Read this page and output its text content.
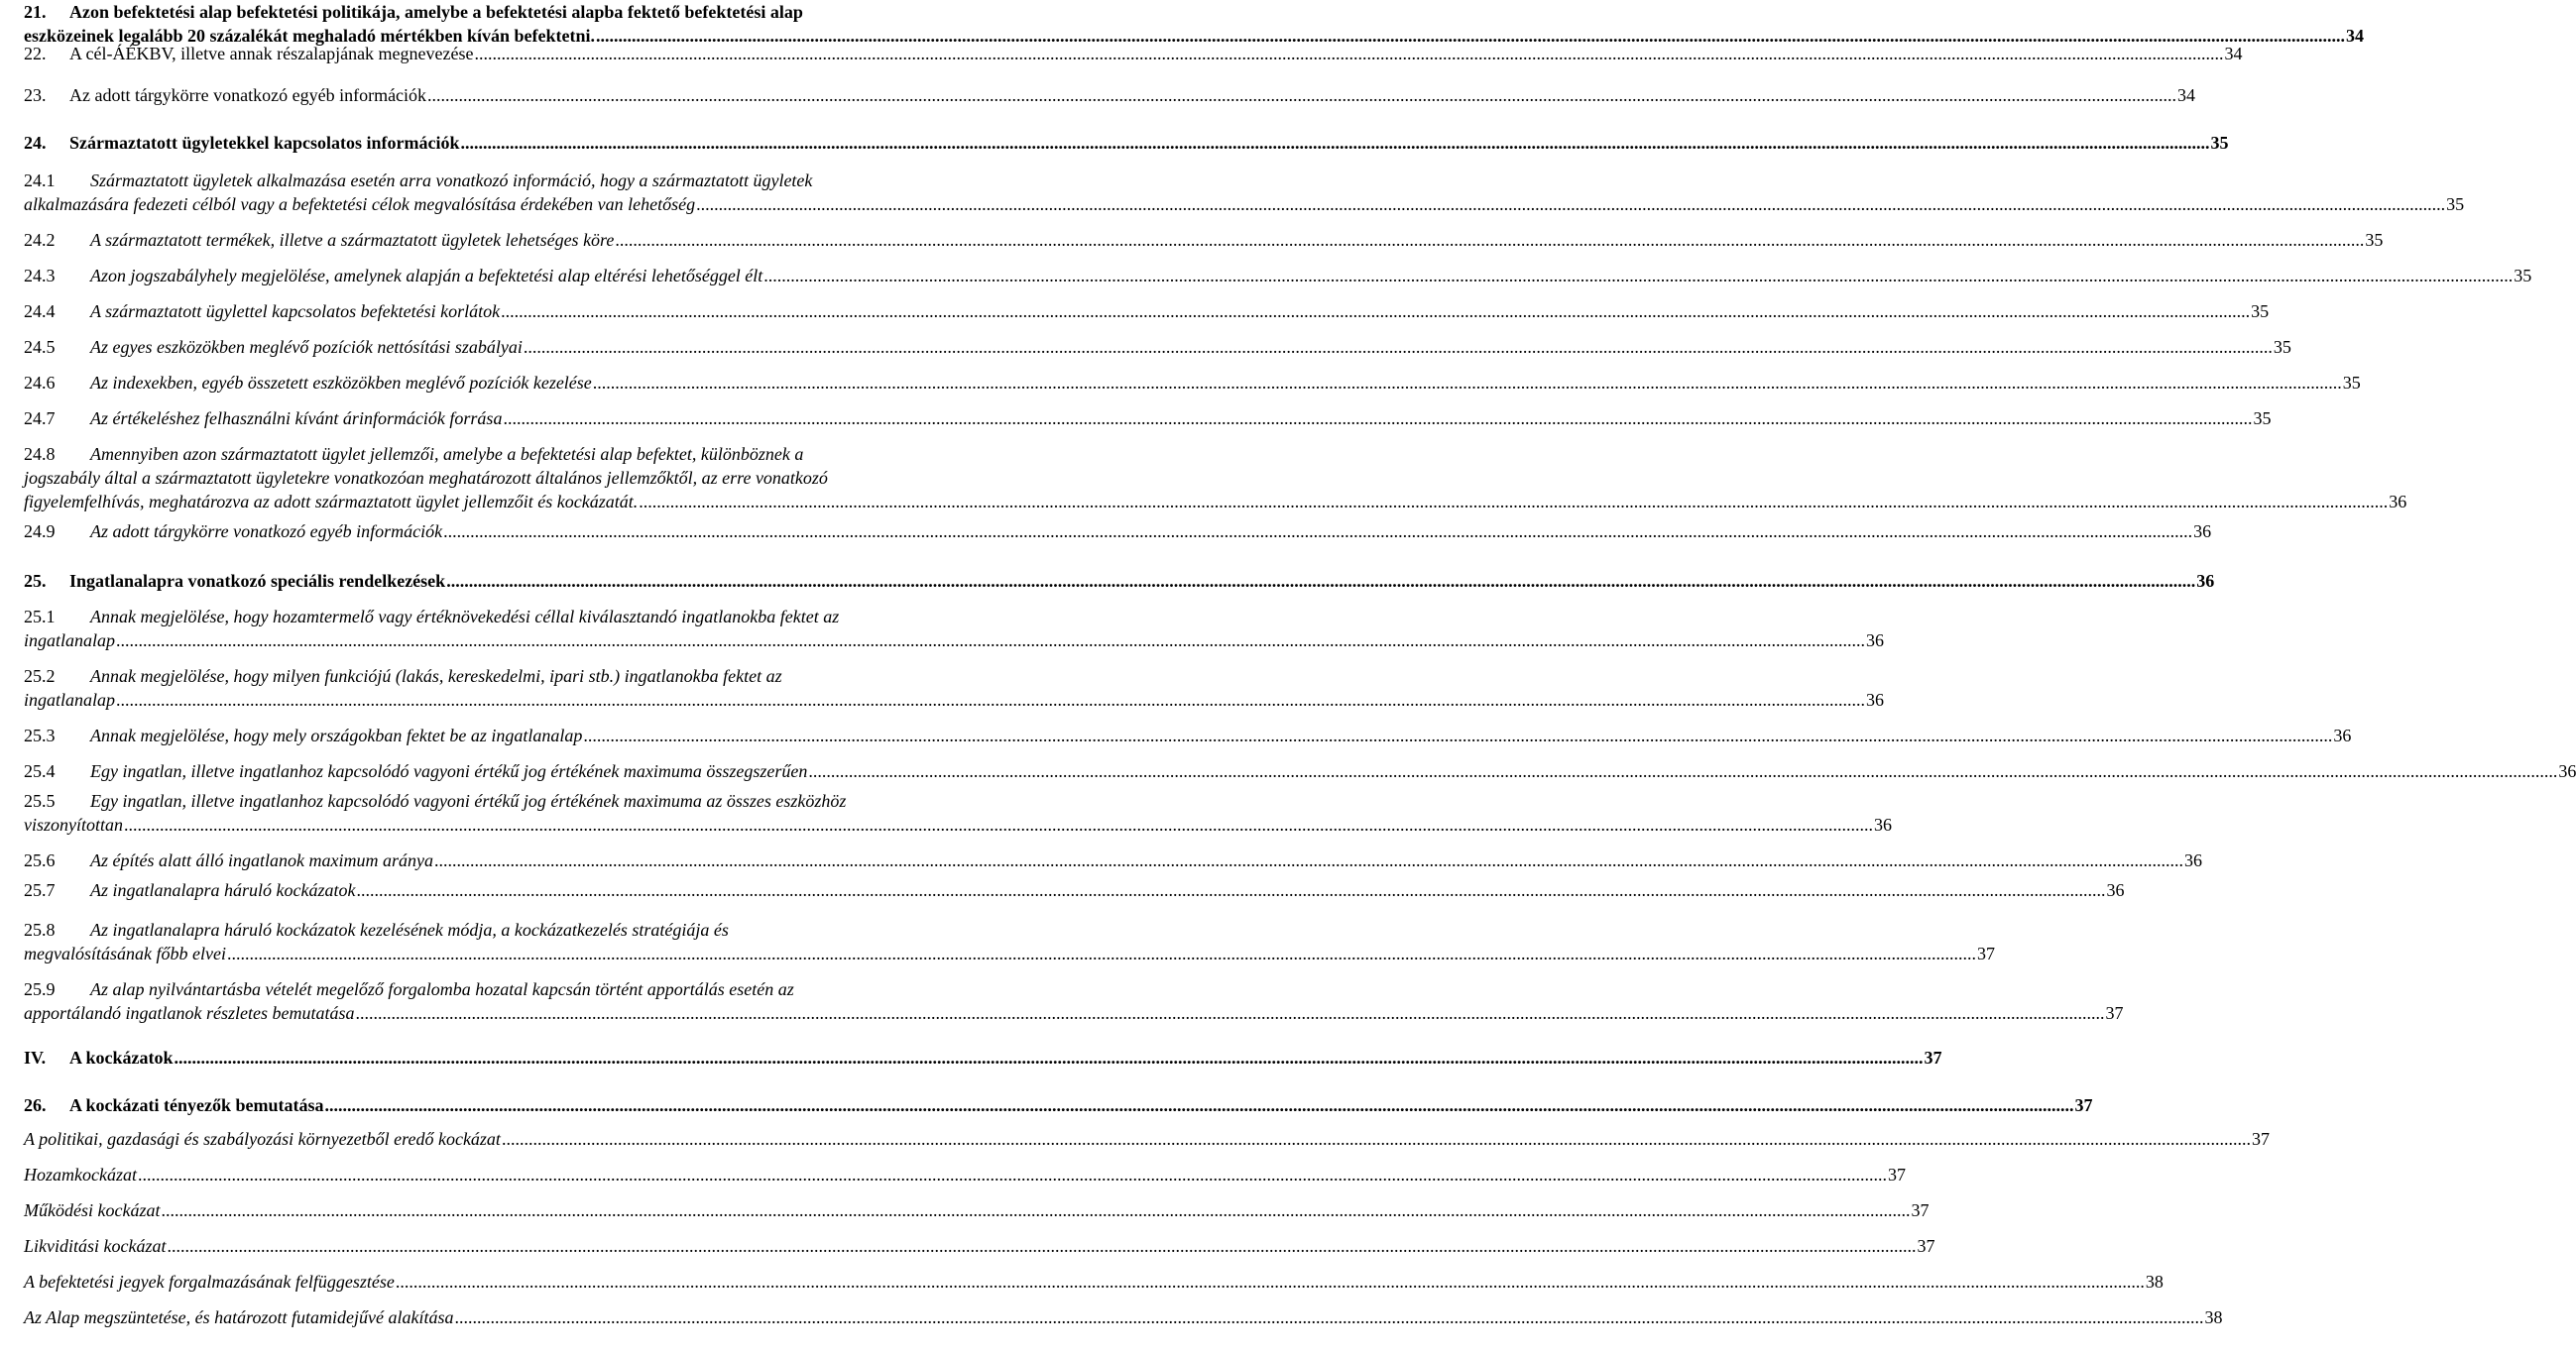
21.	Azon befektetési alap befektetési politikája, amelybe a befektetési alapba fektető befektetési alap
eszközeinek legalább 20 százalékát meghaladó mértékben kíván befektetni. .....	34
22.	A cél-ÁÉKBV, illetve annak részalapjának megnevezése .....	34
23.	Az adott tárgykörre vonatkozó egyéb információk .....	34
24.	Származtatott ügyletekkel kapcsolatos információk .....	35
24.1	Származtatott ügyletek alkalmazása esetén arra vonatkozó információ, hogy a származtatott ügyletek
alkalmazására fedezeti célból vagy a befektetési célok megvalósítása érdekében van lehetőség .....	35
24.2	A származtatott termékek, illetve a származtatott ügyletek lehetséges köre .....	35
24.3	Azon jogszabályhely megjelölése, amelynek alapján a befektetési alap eltérési lehetőséggel élt .....	35
24.4	A származtatott ügylettel kapcsolatos befektetési korlátok .....	35
24.5	Az egyes eszközökben meglévő pozíciók nettósítási szabályai .....	35
24.6	Az indexekben, egyéb összetett eszközökben meglévő pozíciók kezelése .....	35
24.7	Az értékeléshez felhasználni kívánt árinformációk forrása .....	35
24.8	Amennyiben azon származtatott ügylet jellemzői, amelybe a befektetési alap befektet, különböznek a
jogszabály által a származtatott ügyletekre vonatkozóan meghatározott általános jellemzőktől, az erre vonatkozó
figyelemfelhívás, meghatározva az adott származtatott ügylet jellemzőit és kockázatát. .....	36
24.9	Az adott tárgykörre vonatkozó egyéb információk .....	36
25.	Ingatlanalapra vonatkozó speciális rendelkezések .....	36
25.1	Annak megjelölése, hogy hozamtermelő vagy értéknövekedési céllal kiválasztandó ingatlanokba fektet az
ingatlanalap .....	36
25.2	Annak megjelölése, hogy milyen funkciójú (lakás, kereskedelmi, ipari stb.) ingatlanokba fektet az
ingatlanalap .....	36
25.3	Annak megjelölése, hogy mely országokban fektet be az ingatlanalap .....	36
25.4	Egy ingatlan, illetve ingatlanhoz kapcsolódó vagyoni értékű jog értékének maximuma összegszerűen .....	36
25.5	Egy ingatlan, illetve ingatlanhoz kapcsolódó vagyoni értékű jog értékének maximuma az összes eszközhöz
viszonyítottan .....	36
25.6	Az építés alatt álló ingatlanok maximum aránya .....	36
25.7	Az ingatlanalapra háruló kockázatok .....	36
25.8	Az ingatlanalapra háruló kockázatok kezelésének módja, a kockázatkezelés stratégiája és
megvalósításának főbb elvei .....	37
25.9	Az alap nyilvántartásba vételét megelőző forgalomba hozatal kapcsán történt apportálás esetén az
apportálandó ingatlanok részletes bemutatása .....	37
IV.	A kockázatok .....	37
26.	A kockázati tényezők bemutatása .....	37
A politikai, gazdasági és szabályozási környezetből eredő kockázat .....	37
Hozamkockázat .....	37
Működési kockázat .....	37
Likviditási kockázat .....	37
A befektetési jegyek forgalmazásának felfüggesztése .....	38
Az Alap megszüntetése, és határozott futamidejűvé alakítása .....	38
